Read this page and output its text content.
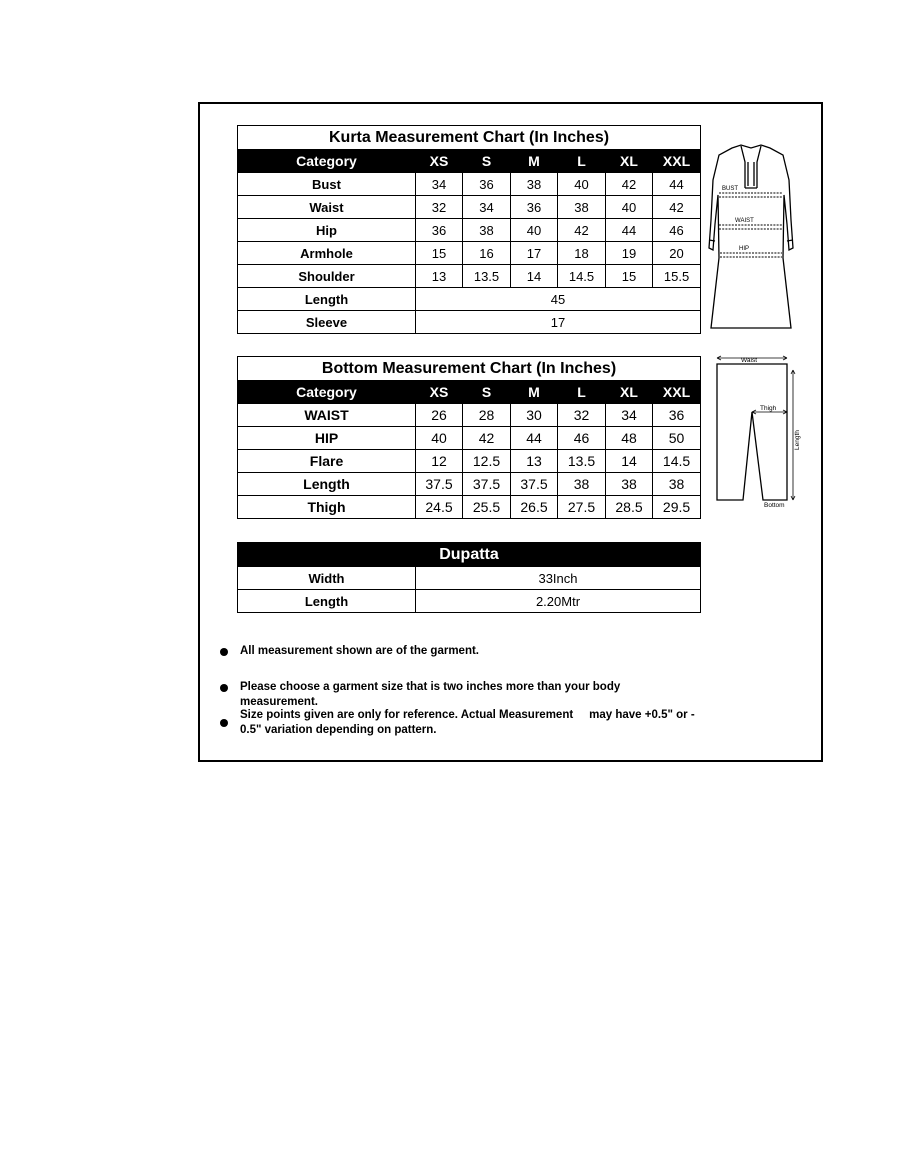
Kurta Measurement Chart (In Inches)						
Category	XS	S	M	L	XL	XXL
Bust	34	36	38	40	42	44
Waist	32	34	36	38	40	42
Hip	36	38	40	42	44	46
Armhole	15	16	17	18	19	20
Shoulder	13	13.5	14	14.5	15	15.5
Length	45					
Sleeve	17					
Bottom Measurement Chart (In Inches)						
Category	XS	S	M	L	XL	XXL
WAIST	26	28	30	32	34	36
HIP	40	42	44	46	48	50
Flare	12	12.5	13	13.5	14	14.5
Length	37.5	37.5	37.5	38	38	38
Thigh	24.5	25.5	26.5	27.5	28.5	29.5
Dupatta	
Width	33Inch
Length	2.20Mtr
BUST
WAIST
HIP
Waist
Thigh
Length
Bottom
All measurement shown are of the garment.
Please choose a garment size that is two inches more than your body measurement.
Size points given are only for reference. Actual Measurement     may have +0.5" or -
0.5" variation depending on pattern.
